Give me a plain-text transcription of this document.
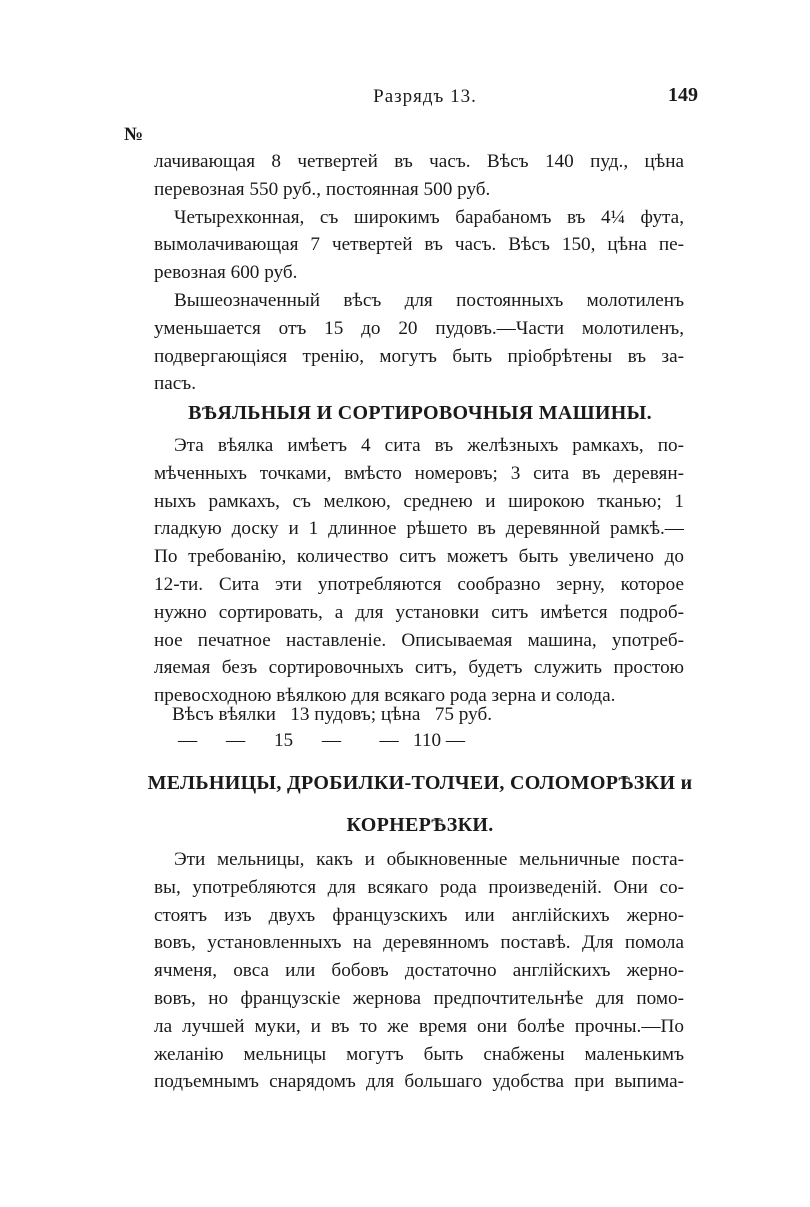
Разрядъ 13.	149
№

лачивающая 8 четвертей въ часъ. Вѣсъ 140 пуд., цѣна
перевозная 550 руб., постоянная 500 руб.

Четырехконная, съ широкимъ барабаномъ въ 4¼ фута,
вымолачивающая 7 четвертей въ часъ. Вѣсъ 150, цѣна пе-
ревозная 600 руб.

Вышеозначенный вѣсъ для постоянныхъ молотиленъ
уменьшается отъ 15 до 20 пудовъ.—Части молотиленъ,
подвергающіяся тренію, могутъ быть пріобрѣтены въ за-
пасъ.

ВѢЯЛЬНЫЯ И СОРТИРОВОЧНЫЯ МАШИНЫ.

Эта вѣялка имѣетъ 4 сита въ желѣзныхъ рамкахъ, по-
мѣченныхъ точками, вмѣсто номеровъ; 3 сита въ деревян-
ныхъ рамкахъ, съ мелкою, среднею и широкою тканью; 1
гладкую доску и 1 длинное рѣшето въ деревянной рамкѣ.—
По требованію, количество ситъ можетъ быть увеличено до
12-ти. Сита эти употребляются сообразно зерну, которое
нужно сортировать, а для установки ситъ имѣется подроб-
ное печатное наставленіе. Описываемая машина, употреб-
ляемая безъ сортировочныхъ ситъ, будетъ служить простою
превосходною вѣялкою для всякаго рода зерна и солода.

Вѣсъ вѣялки   13 пудовъ; цѣна   75 руб.
—      —      15      —        —   110 —
МЕЛЬНИЦЫ, ДРОБИЛКИ-ТОЛЧЕИ, СОЛОМОРѢЗКИ и
КОРНЕРѢЗКИ.

Эти мельницы, какъ и обыкновенные мельничные поста-
вы, употребляются для всякаго рода произведеній. Они со-
стоятъ изъ двухъ французскихъ или англійскихъ жерно-
вовъ, установленныхъ на деревянномъ поставѣ. Для помола
ячменя, овса или бобовъ достаточно англійскихъ жерно-
вовъ, но французскіе жернова предпочтительнѣе для помо-
ла лучшей муки, и въ то же время они болѣе прочны.—По
желанію мельницы могутъ быть снабжены маленькимъ
подъемнымъ снарядомъ для большаго удобства при выпима-
